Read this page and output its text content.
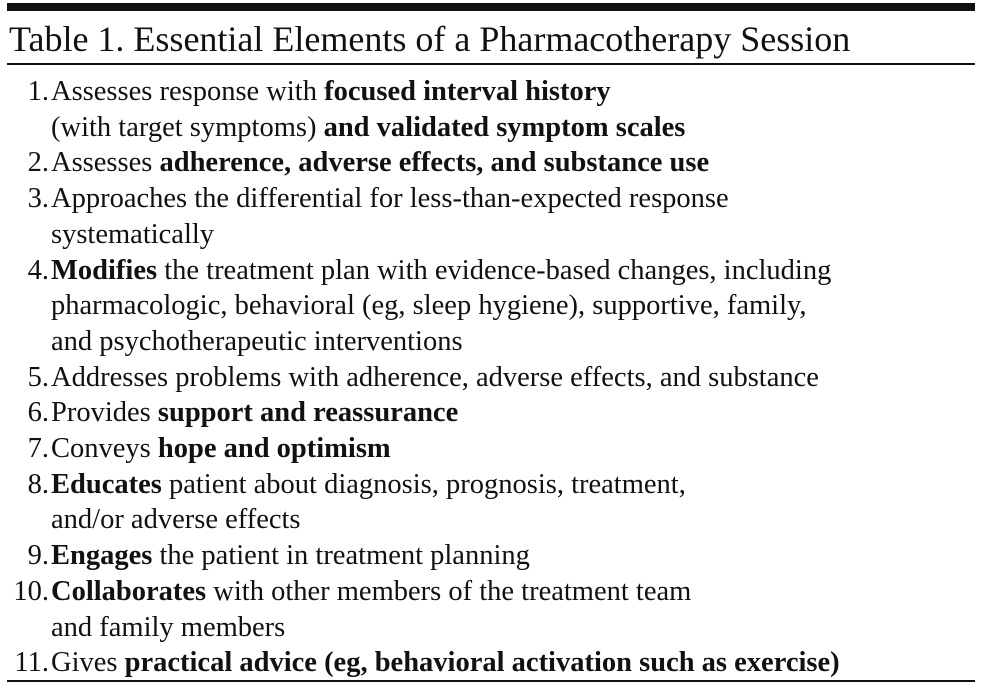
Table 1. Essential Elements of a Pharmacotherapy Session
1. Assesses response with focused interval history
(with target symptoms) and validated symptom scales
2. Assesses adherence, adverse effects, and substance use
3. Approaches the differential for less-than-expected response
systematically
4. Modifies the treatment plan with evidence-based changes, including
pharmacologic, behavioral (eg, sleep hygiene), supportive, family,
and psychotherapeutic interventions
5. Addresses problems with adherence, adverse effects, and substance
6. Provides support and reassurance
7. Conveys hope and optimism
8. Educates patient about diagnosis, prognosis, treatment,
and/or adverse effects
9. Engages the patient in treatment planning
10. Collaborates with other members of the treatment team
and family members
11. Gives practical advice (eg, behavioral activation such as exercise)
